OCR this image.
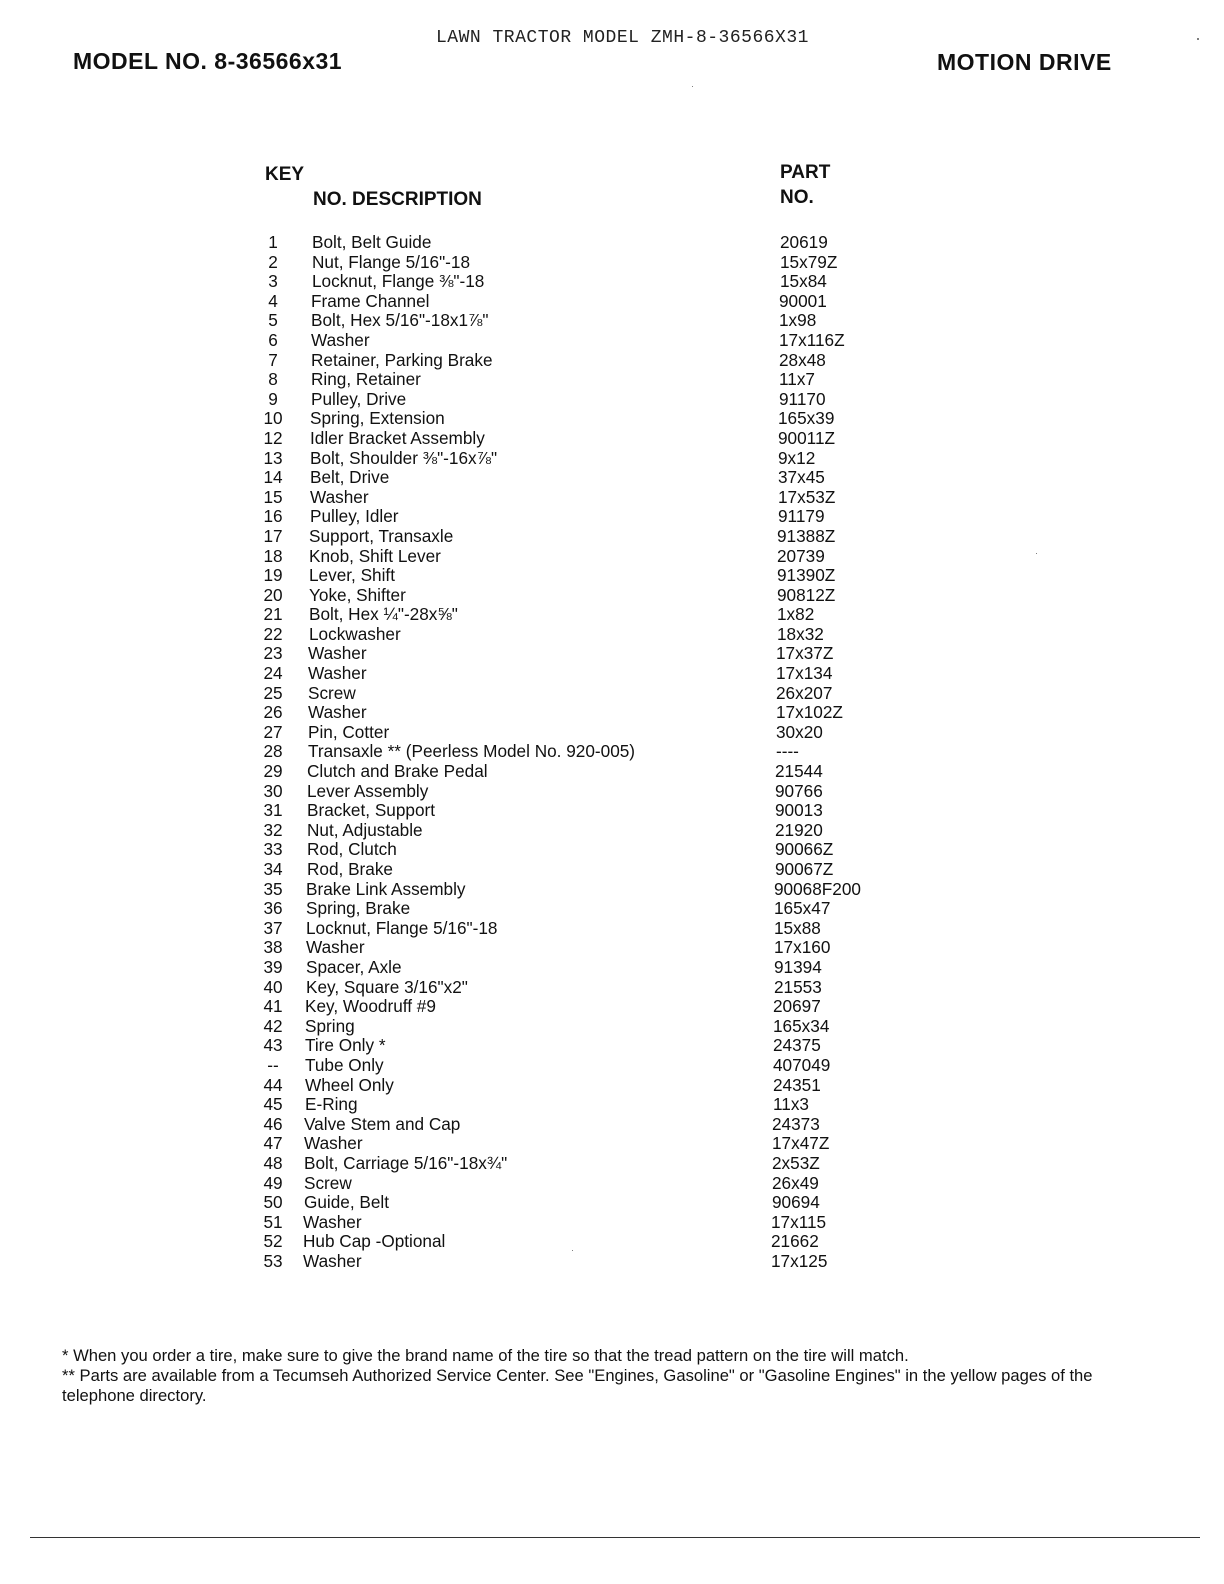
LAWN TRACTOR MODEL ZMH-8-36566X31
MODEL NO. 8-36566x31	MOTION DRIVE
KEY
NO. DESCRIPTION
PART
NO.
1	Bolt, Belt Guide	20619
2	Nut, Flange 5/16"-18	15x79Z
3	Locknut, Flange ⅜"-18	15x84
4	Frame Channel	90001
5	Bolt, Hex 5/16"-18x1⅞"	1x98
6	Washer	17x116Z
7	Retainer, Parking Brake	28x48
8	Ring, Retainer	11x7
9	Pulley, Drive	91170
10	Spring, Extension	165x39
12	Idler Bracket Assembly	90011Z
13	Bolt, Shoulder ⅜"-16x⅞"	9x12
14	Belt, Drive	37x45
15	Washer	17x53Z
16	Pulley, Idler	91179
17	Support, Transaxle	91388Z
18	Knob, Shift Lever	20739
19	Lever, Shift	91390Z
20	Yoke, Shifter	90812Z
21	Bolt, Hex ¼"-28x⅝"	1x82
22	Lockwasher	18x32
23	Washer	17x37Z
24	Washer	17x134
25	Screw	26x207
26	Washer	17x102Z
27	Pin, Cotter	30x20
28	Transaxle ** (Peerless Model No. 920-005)	----
29	Clutch and Brake Pedal	21544
30	Lever Assembly	90766
31	Bracket, Support	90013
32	Nut, Adjustable	21920
33	Rod, Clutch	90066Z
34	Rod, Brake	90067Z
35	Brake Link Assembly	90068F200
36	Spring, Brake	165x47
37	Locknut, Flange 5/16"-18	15x88
38	Washer	17x160
39	Spacer, Axle	91394
40	Key, Square 3/16"x2"	21553
41	Key, Woodruff #9	20697
42	Spring	165x34
43	Tire Only *	24375
--	Tube Only	407049
44	Wheel Only	24351
45	E-Ring	11x3
46	Valve Stem and Cap	24373
47	Washer	17x47Z
48	Bolt, Carriage 5/16"-18x¾"	2x53Z
49	Screw	26x49
50	Guide, Belt	90694
51	Washer	17x115
52	Hub Cap -Optional	21662
53	Washer	17x125

* When you order a tire, make sure to give the brand name of the tire so that the tread pattern on the tire will match.

** Parts are available from a Tecumseh Authorized Service Center. See "Engines, Gasoline" or "Gasoline Engines" in the yellow pages of the telephone directory.
